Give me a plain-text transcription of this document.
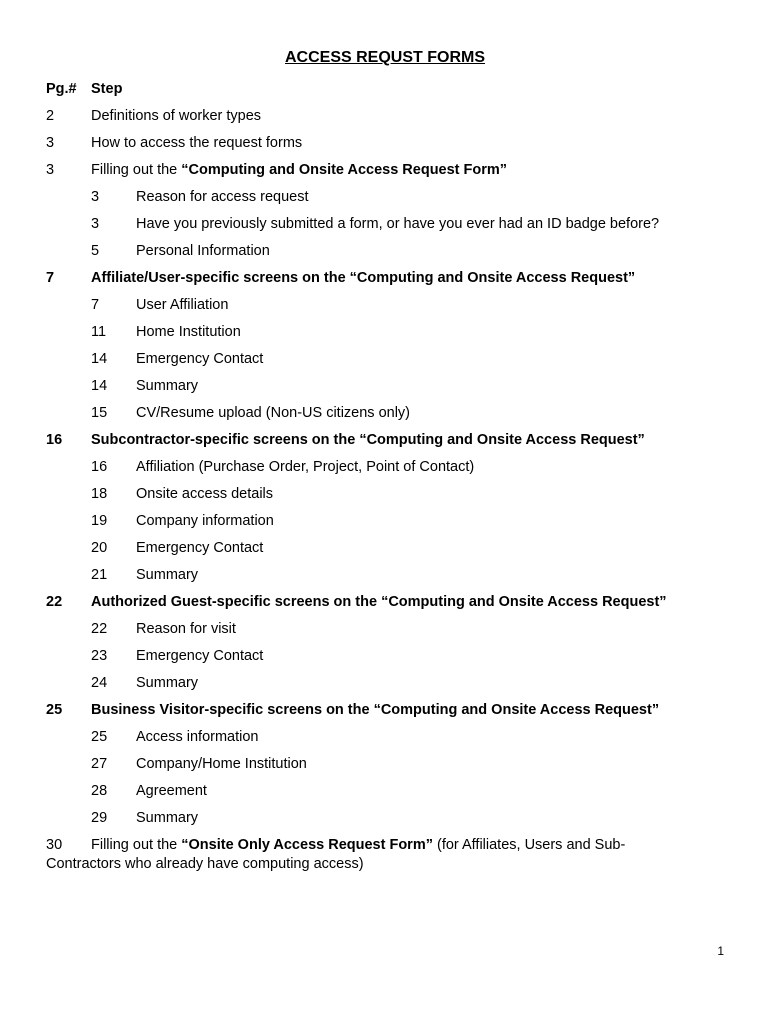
ACCESS REQUST FORMS
Pg.# Step
2	Definitions of worker types
3	How to access the request forms
3	Filling out the “Computing and Onsite Access Request Form”
3	Reason for access request
3	Have you previously submitted a form, or have you ever had an ID badge before?
5	Personal Information
7	Affiliate/User-specific screens on the “Computing and Onsite Access Request”
7	User Affiliation
11 Home Institution
14 Emergency Contact
14 Summary
15 CV/Resume upload (Non-US citizens only)
16 Subcontractor-specific screens on the “Computing and Onsite Access Request”
16 Affiliation (Purchase Order, Project, Point of Contact)
18 Onsite access details
19 Company information
20 Emergency Contact
21 Summary
22 Authorized Guest-specific screens on the “Computing and Onsite Access Request”
22 Reason for visit
23 Emergency Contact
24 Summary
25 Business Visitor-specific screens on the “Computing and Onsite Access Request”
25 Access information
27 Company/Home Institution
28 Agreement
29 Summary
30 Filling out the “Onsite Only Access Request Form” (for Affiliates, Users and Sub-Contractors who already have computing access)
1
